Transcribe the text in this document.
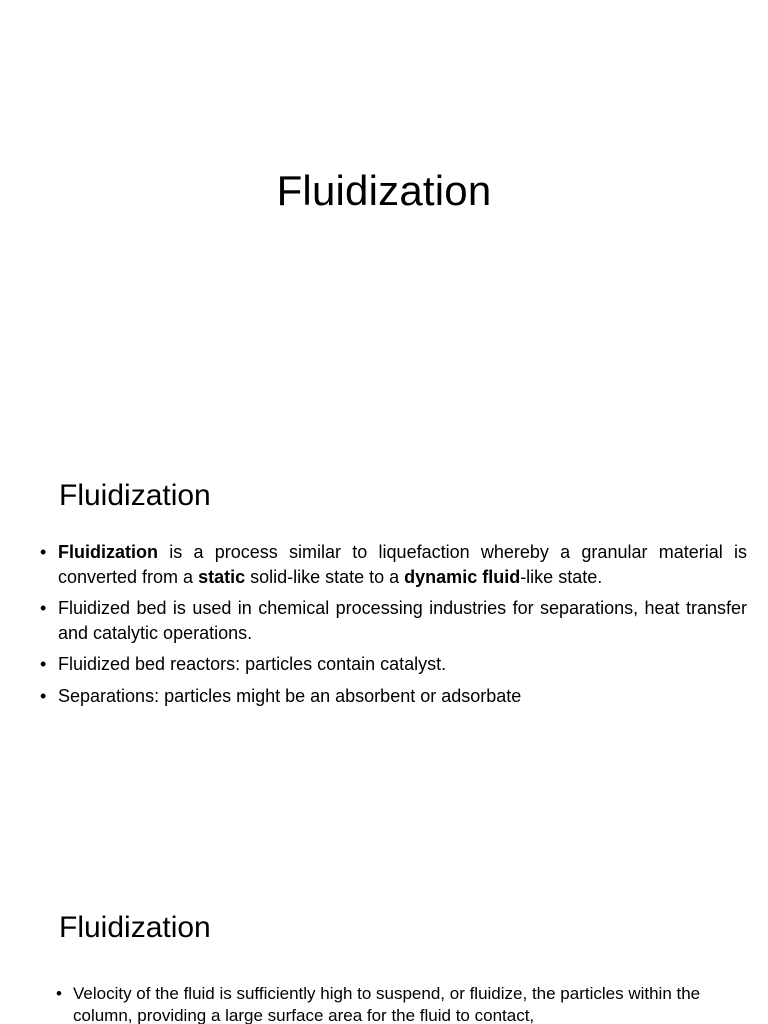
Fluidization
Fluidization
• Fluidization is a process similar to liquefaction whereby a granular material is converted from a static solid-like state to a dynamic fluid-like state.
• Fluidized bed is used in chemical processing industries for separations, heat transfer and catalytic operations.
• Fluidized bed reactors: particles contain catalyst.
• Separations: particles might be an absorbent or adsorbate
Fluidization
• Velocity of the fluid is sufficiently high to suspend, or fluidize, the particles within the column, providing a large surface area for the fluid to contact,
